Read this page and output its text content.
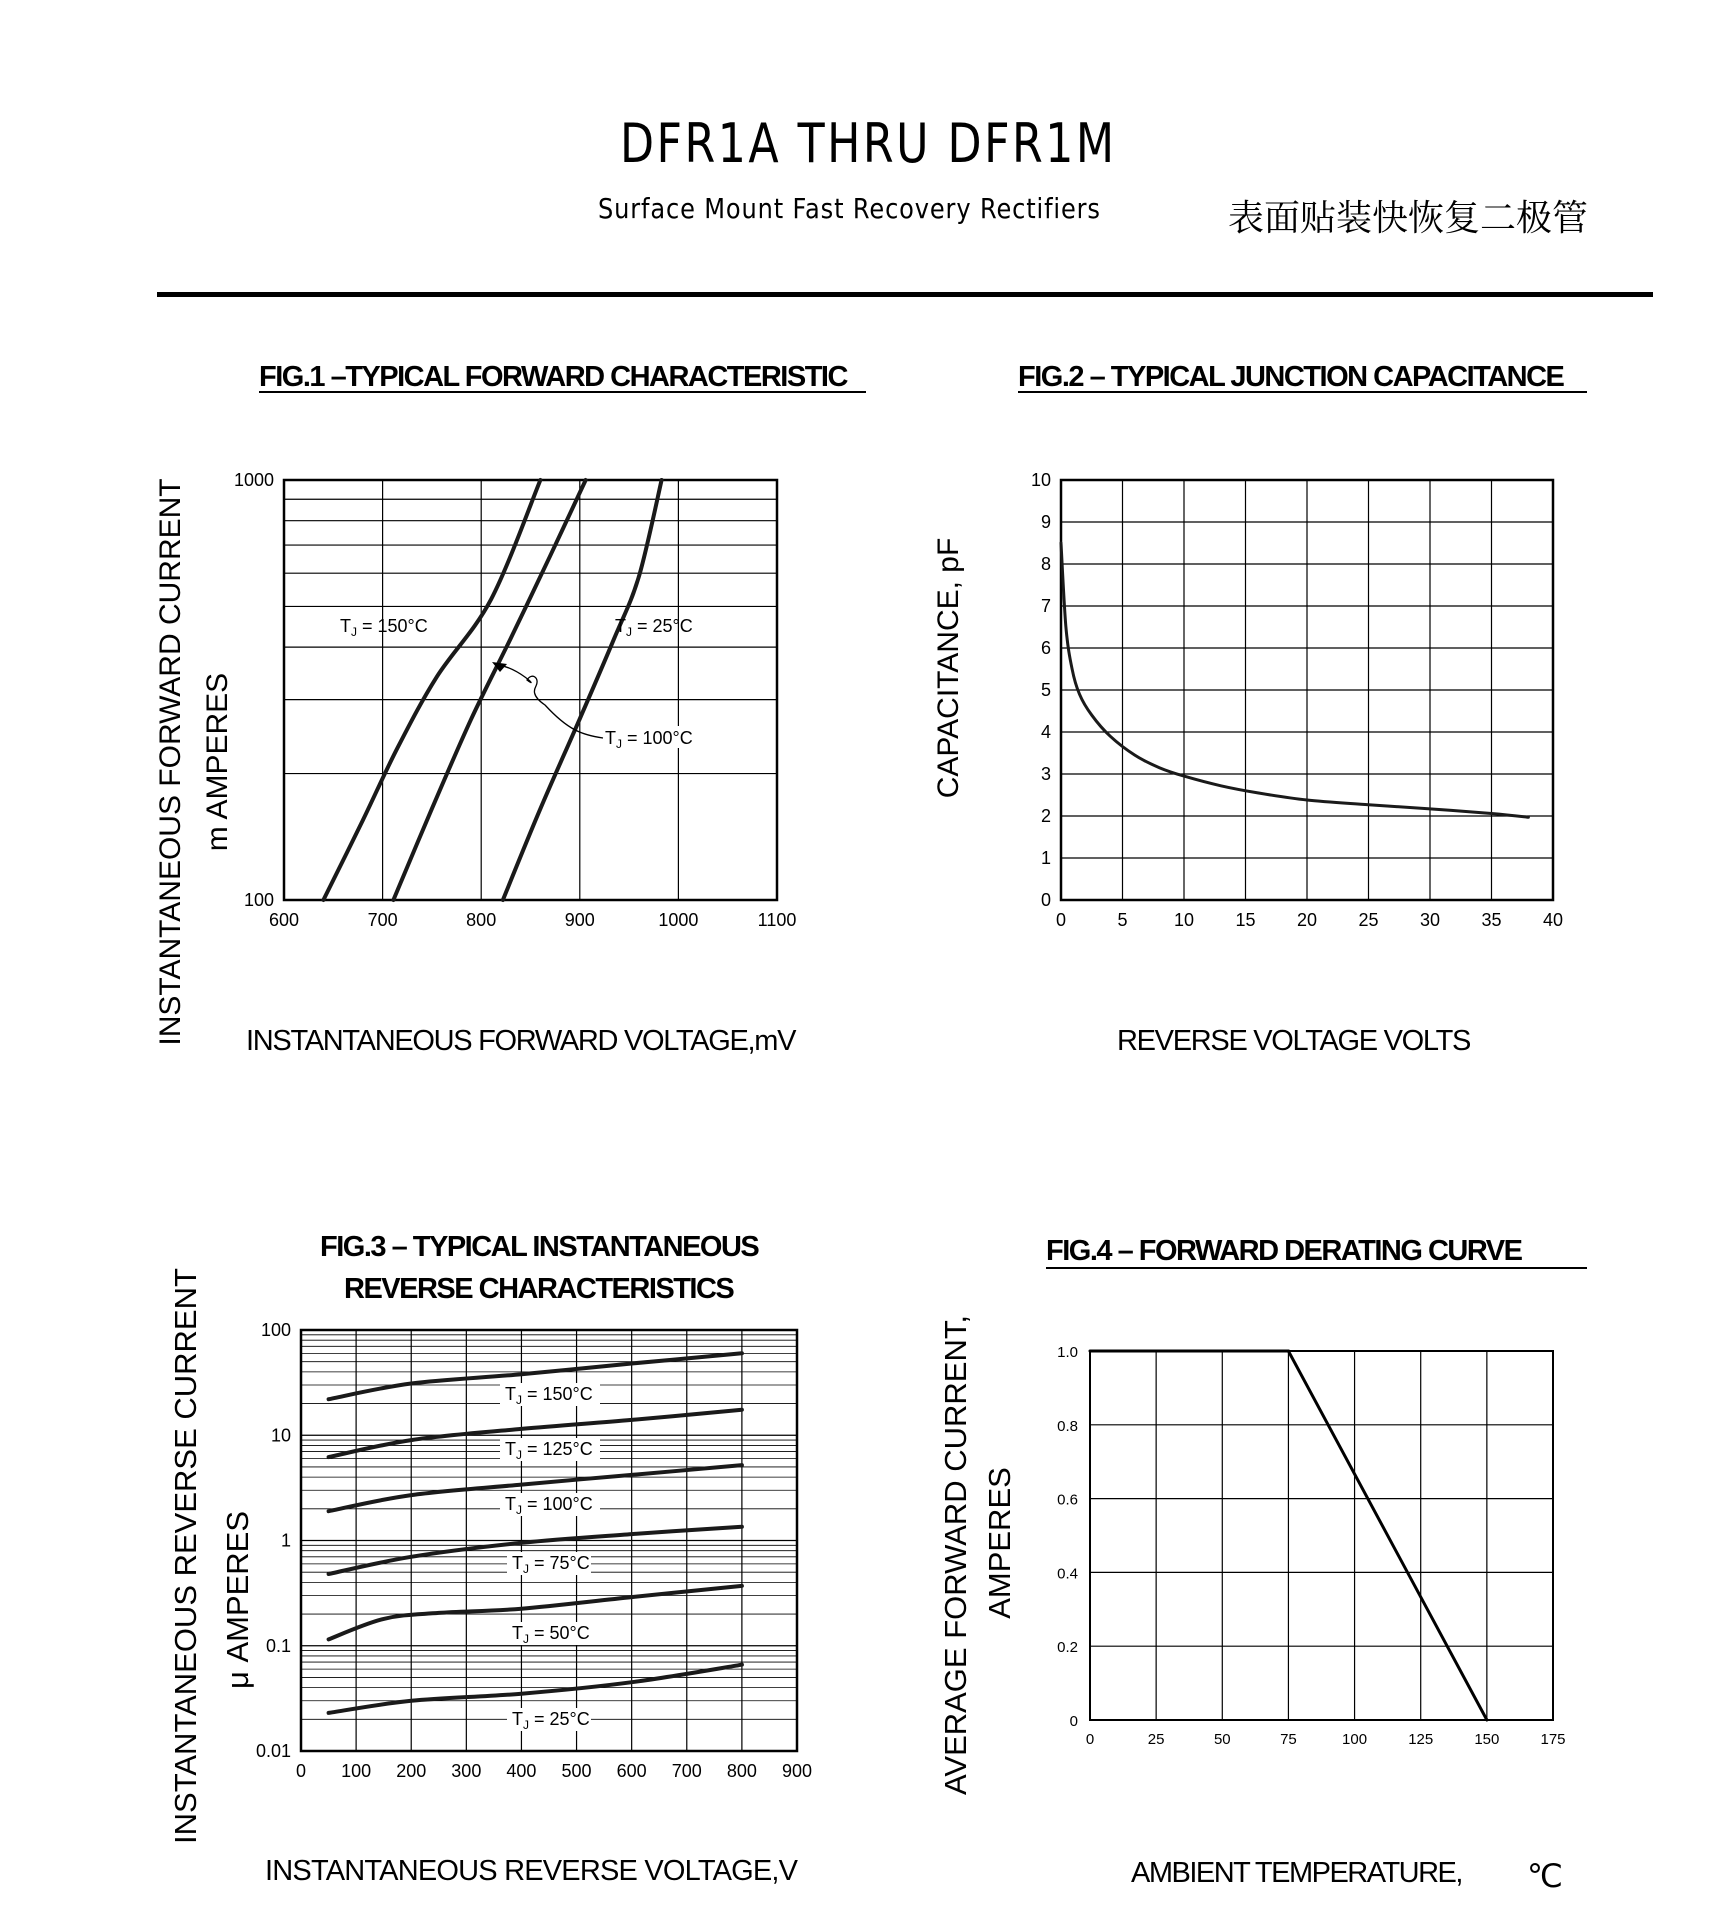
DFR1A THRU DFR1M
Surface Mount Fast Recovery Rectifiers	表面贴装快恢复二极管
FIG.1 –TYPICAL FORWARD CHARACTERISTIC
600	700	800	900	1000	1100
100
1000
$T_J = 150^\circ C$	$T_J = 25^\circ C$
$T_J = 100^\circ C$
INSTANTANEOUS FORWARD CURRENT m AMPERES
INSTANTANEOUS FORWARD VOLTAGE,mV
FIG.2 – TYPICAL JUNCTION CAPACITANCE
0	5	10 15 20 25 30 35 40
0
1
2
3
4
5
6
7
8
9
10
CAPACITANCE, pF
REVERSE VOLTAGE VOLTS
FIG.3 – TYPICAL INSTANTANEOUS
REVERSE CHARACTERISTICS
0 100 200 300 400 500 600 700 800 900
0.01
0.1
1
10
100
$T_J = 150^\circ C$
$T_J = 125^\circ C$
$T_J = 100^\circ C$
$T_J = 75^\circ C$
$T_J = 50^\circ C$
$T_J = 25^\circ C$
INSTANTANEOUS REVERSE CURRENT μ AMPERES
INSTANTANEOUS REVERSE VOLTAGE,V
FIG.4 – FORWARD DERATING CURVE
0	25	50	75	100	125	150	175
0
0.2
0.4
0.6
0.8
1.0
AVERAGE FORWARD CURRENT, AMPERES
AMBIENT TEMPERATURE, ℃
